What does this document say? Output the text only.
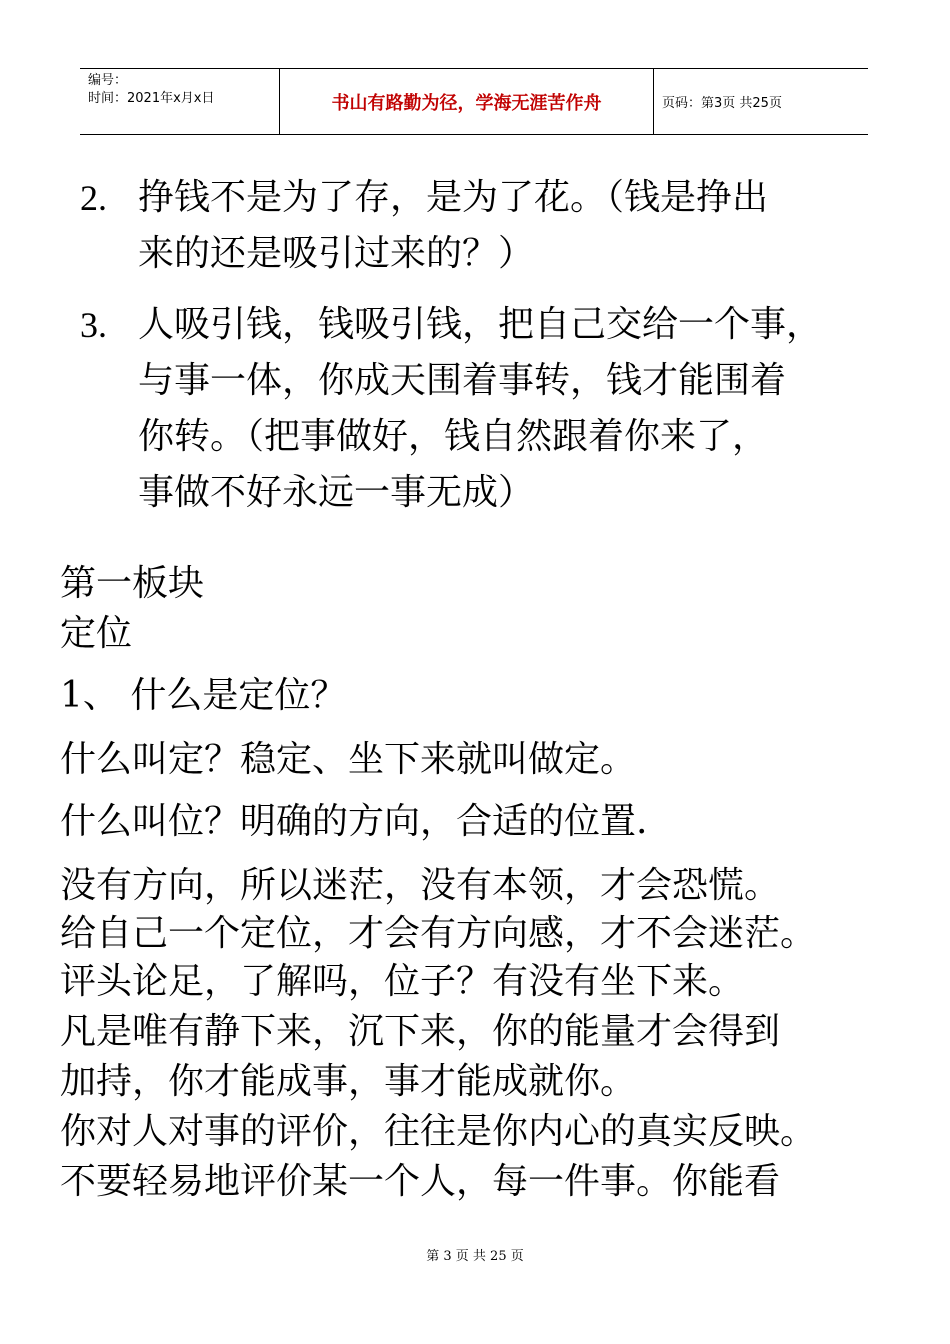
编号：
时间：2021年x月x日	书山有路勤为径，学海无涯苦作舟	页码：第3页 共25页
2. 挣钱不是为了存，是为了花。（钱是挣出
来的还是吸引过来的？）
3. 人吸引钱，钱吸引钱，把自己交给一个事，
与事一体，你成天围着事转，钱才能围着
你转。（把事做好，钱自然跟着你来了，
事做不好永远一事无成）
第一板块
定位
1、 什么是定位？
什么叫定？稳定、坐下来就叫做定。
什么叫位？明确的方向，合适的位置.
没有方向，所以迷茫，没有本领，才会恐慌。
给自己一个定位，才会有方向感，才不会迷茫。
评头论足，了解吗，位子？有没有坐下来。
凡是唯有静下来，沉下来，你的能量才会得到
加持，你才能成事，事才能成就你。
你对人对事的评价，往往是你内心的真实反映。
不要轻易地评价某一个人，每一件事。你能看
第 3 页 共 25 页
